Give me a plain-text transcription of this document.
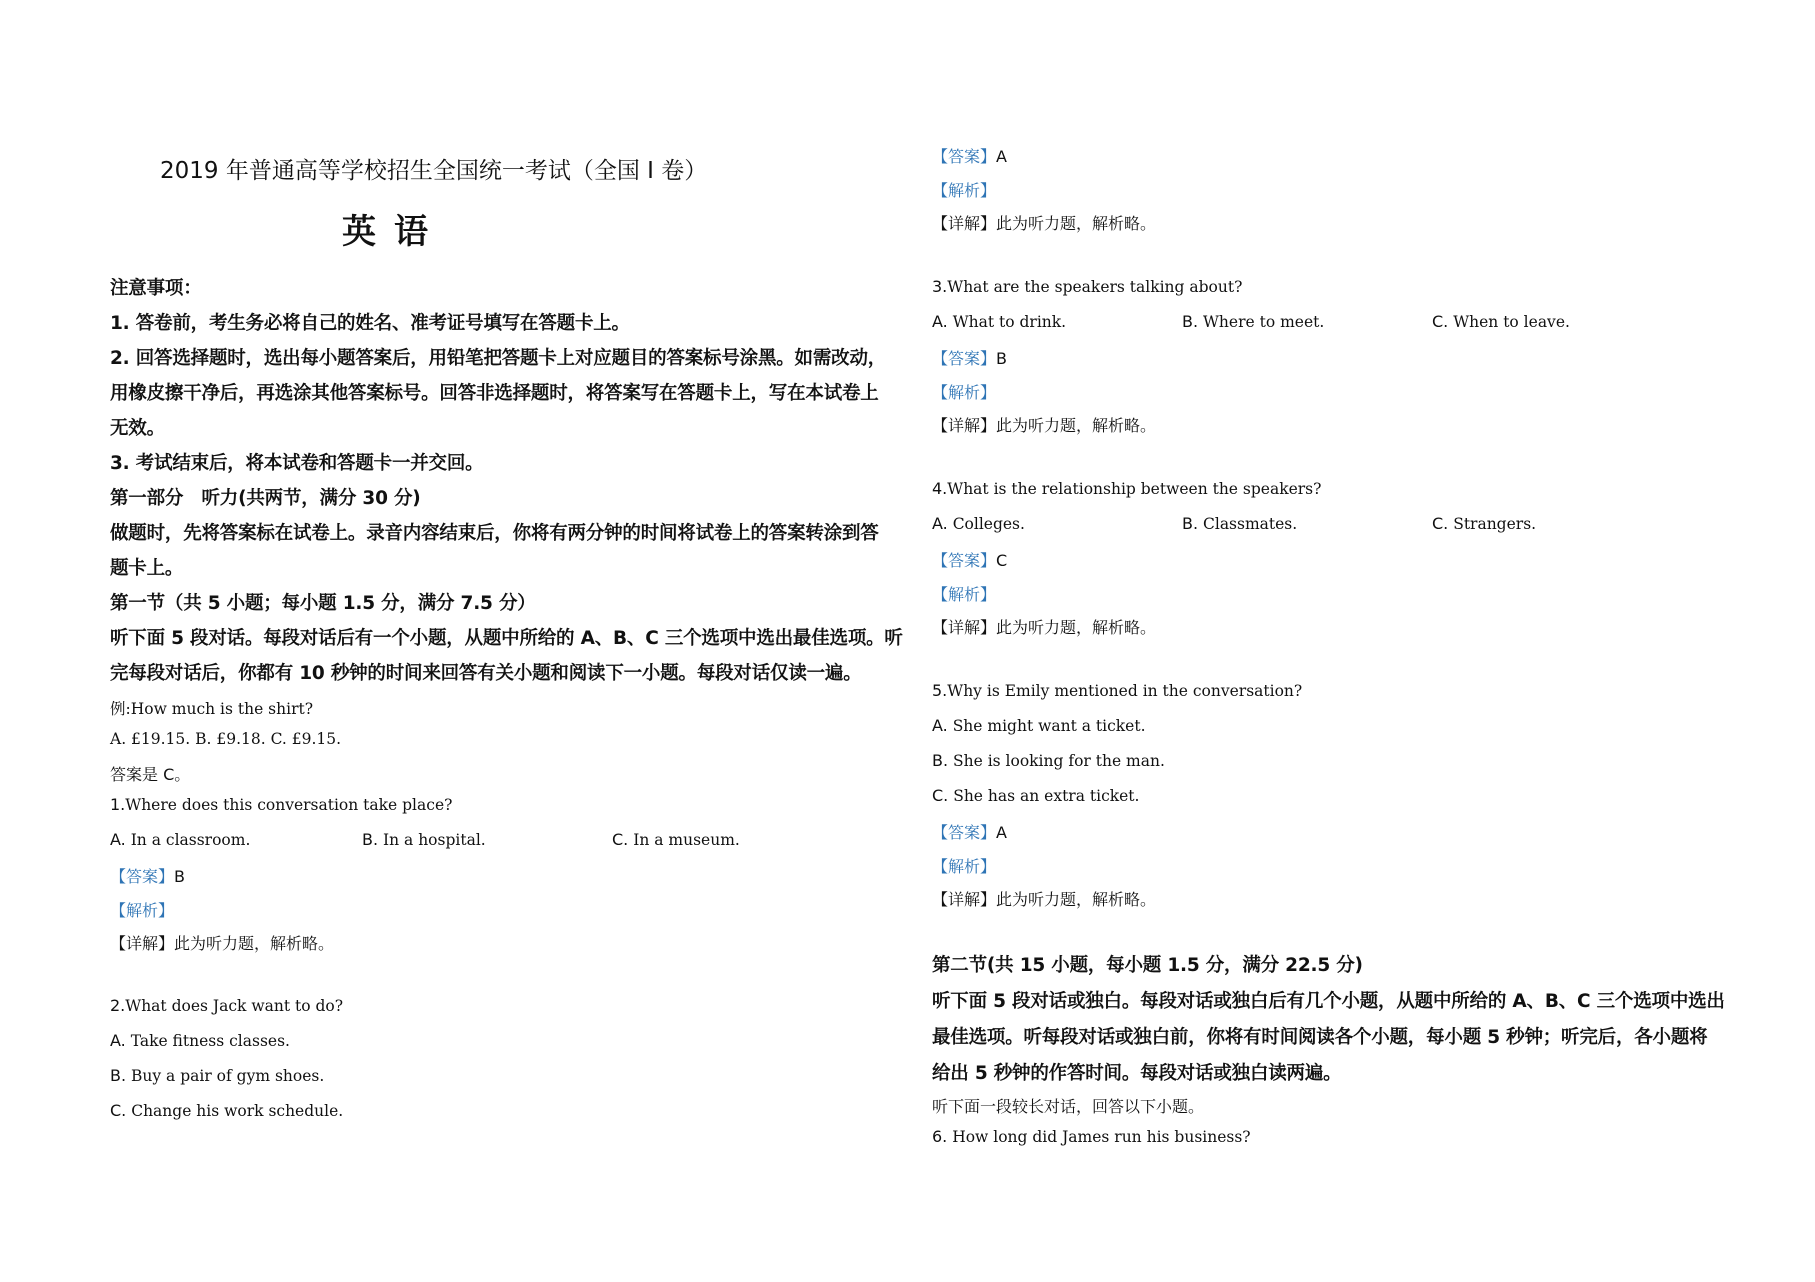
2019 年普通高等学校招生全国统一考试（全国 I 卷）
英语
注意事项：
1. 答卷前，考生务必将自己的姓名、准考证号填写在答题卡上。
2. 回答选择题时，选出每小题答案后，用铅笔把答题卡上对应题目的答案标号涂黑。如需改动，
用橡皮擦干净后，再选涂其他答案标号。回答非选择题时，将答案写在答题卡上，写在本试卷上
无效。
3. 考试结束后，将本试卷和答题卡一并交回。
第一部分　听力(共两节，满分 30 分)
做题时，先将答案标在试卷上。录音内容结束后，你将有两分钟的时间将试卷上的答案转涂到答
题卡上。
第一节（共 5 小题；每小题 1.5 分，满分 7.5 分）
听下面 5 段对话。每段对话后有一个小题，从题中所给的 A、B、C 三个选项中选出最佳选项。听
完每段对话后，你都有 10 秒钟的时间来回答有关小题和阅读下一小题。每段对话仅读一遍。
例:How much is the shirt?
A. £19.15. B. £9.18. C. £9.15.
答案是 C。
1.Where does this conversation take place?
A. In a classroom.	B. In a hospital.	C. In a museum.
【答案】B
【解析】
【详解】此为听力题，解析略。
2.What does Jack want to do?
A. Take fitness classes.
B. Buy a pair of gym shoes.
C. Change his work schedule.
【答案】A
【解析】
【详解】此为听力题，解析略。
3.What are the speakers talking about?
A. What to drink.	B. Where to meet.	C. When to leave.
【答案】B
【解析】
【详解】此为听力题，解析略。
4.What is the relationship between the speakers?
A. Colleges.	B. Classmates.	C. Strangers.
【答案】C
【解析】
【详解】此为听力题，解析略。
5.Why is Emily mentioned in the conversation?
A. She might want a ticket.
B. She is looking for the man.
C. She has an extra ticket.
【答案】A
【解析】
【详解】此为听力题，解析略。
第二节(共 15 小题，每小题 1.5 分，满分 22.5 分)
听下面 5 段对话或独白。每段对话或独白后有几个小题，从题中所给的 A、B、C 三个选项中选出
最佳选项。听每段对话或独白前，你将有时间阅读各个小题，每小题 5 秒钟；听完后，各小题将
给出 5 秒钟的作答时间。每段对话或独白读两遍。
听下面一段较长对话，回答以下小题。
6. How long did James run his business?
